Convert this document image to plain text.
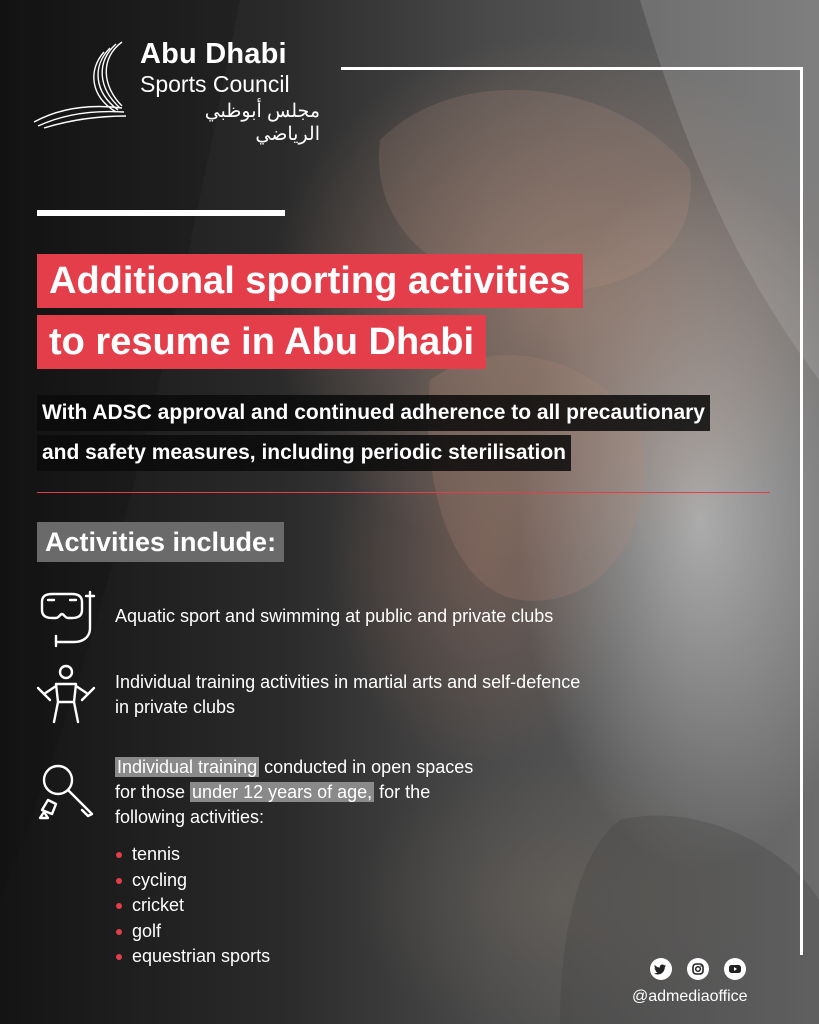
Abu Dhabi
Sports Council
مجلس أبوظبي الرياضي
Additional sporting activities
to resume in Abu Dhabi
With ADSC approval and continued adherence to all precautionary
and safety measures, including periodic sterilisation
Activities include:
Aquatic sport and swimming at public and private clubs
Individual training activities in martial arts and self-defence
in private clubs
Individual training conducted in open spaces
for those under 12 years of age, for the
following activities:
tennis
cycling
cricket
golf
equestrian sports
@admediaoffice
